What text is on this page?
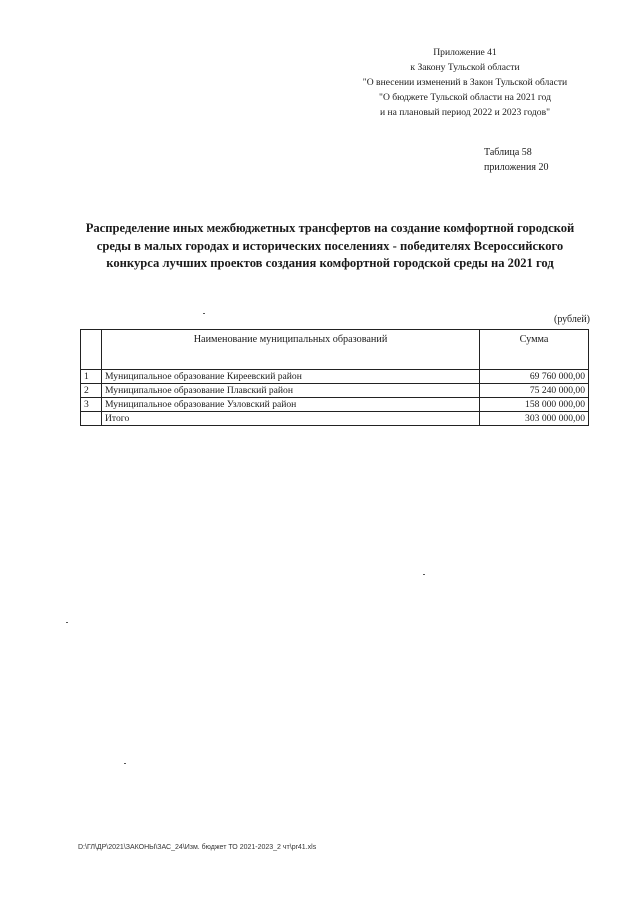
Приложение 41
к Закону Тульской области
"О внесении изменений в Закон Тульской области
"О бюджете Тульской области на 2021 год
и на плановый период 2022 и 2023 годов"
Таблица 58
приложения 20
Распределение иных межбюджетных трансфертов на создание комфортной городской
среды в малых городах и исторических поселениях - победителях Всероссийского
конкурса лучших проектов создания комфортной городской среды на 2021 год
(рублей)
	Наименование муниципальных образований	Сумма
1	Муниципальное образование Киреевский район	69 760 000,00
2	Муниципальное образование Плавский район	75 240 000,00
3	Муниципальное образование Узловский район	158 000 000,00
	Итого	303 000 000,00
D:\ГЛ\ДР\2021\ЗАКОНЫ\ЗАС_24\Изм. бюджет ТО 2021-2023_2 чт\pr41.xls
